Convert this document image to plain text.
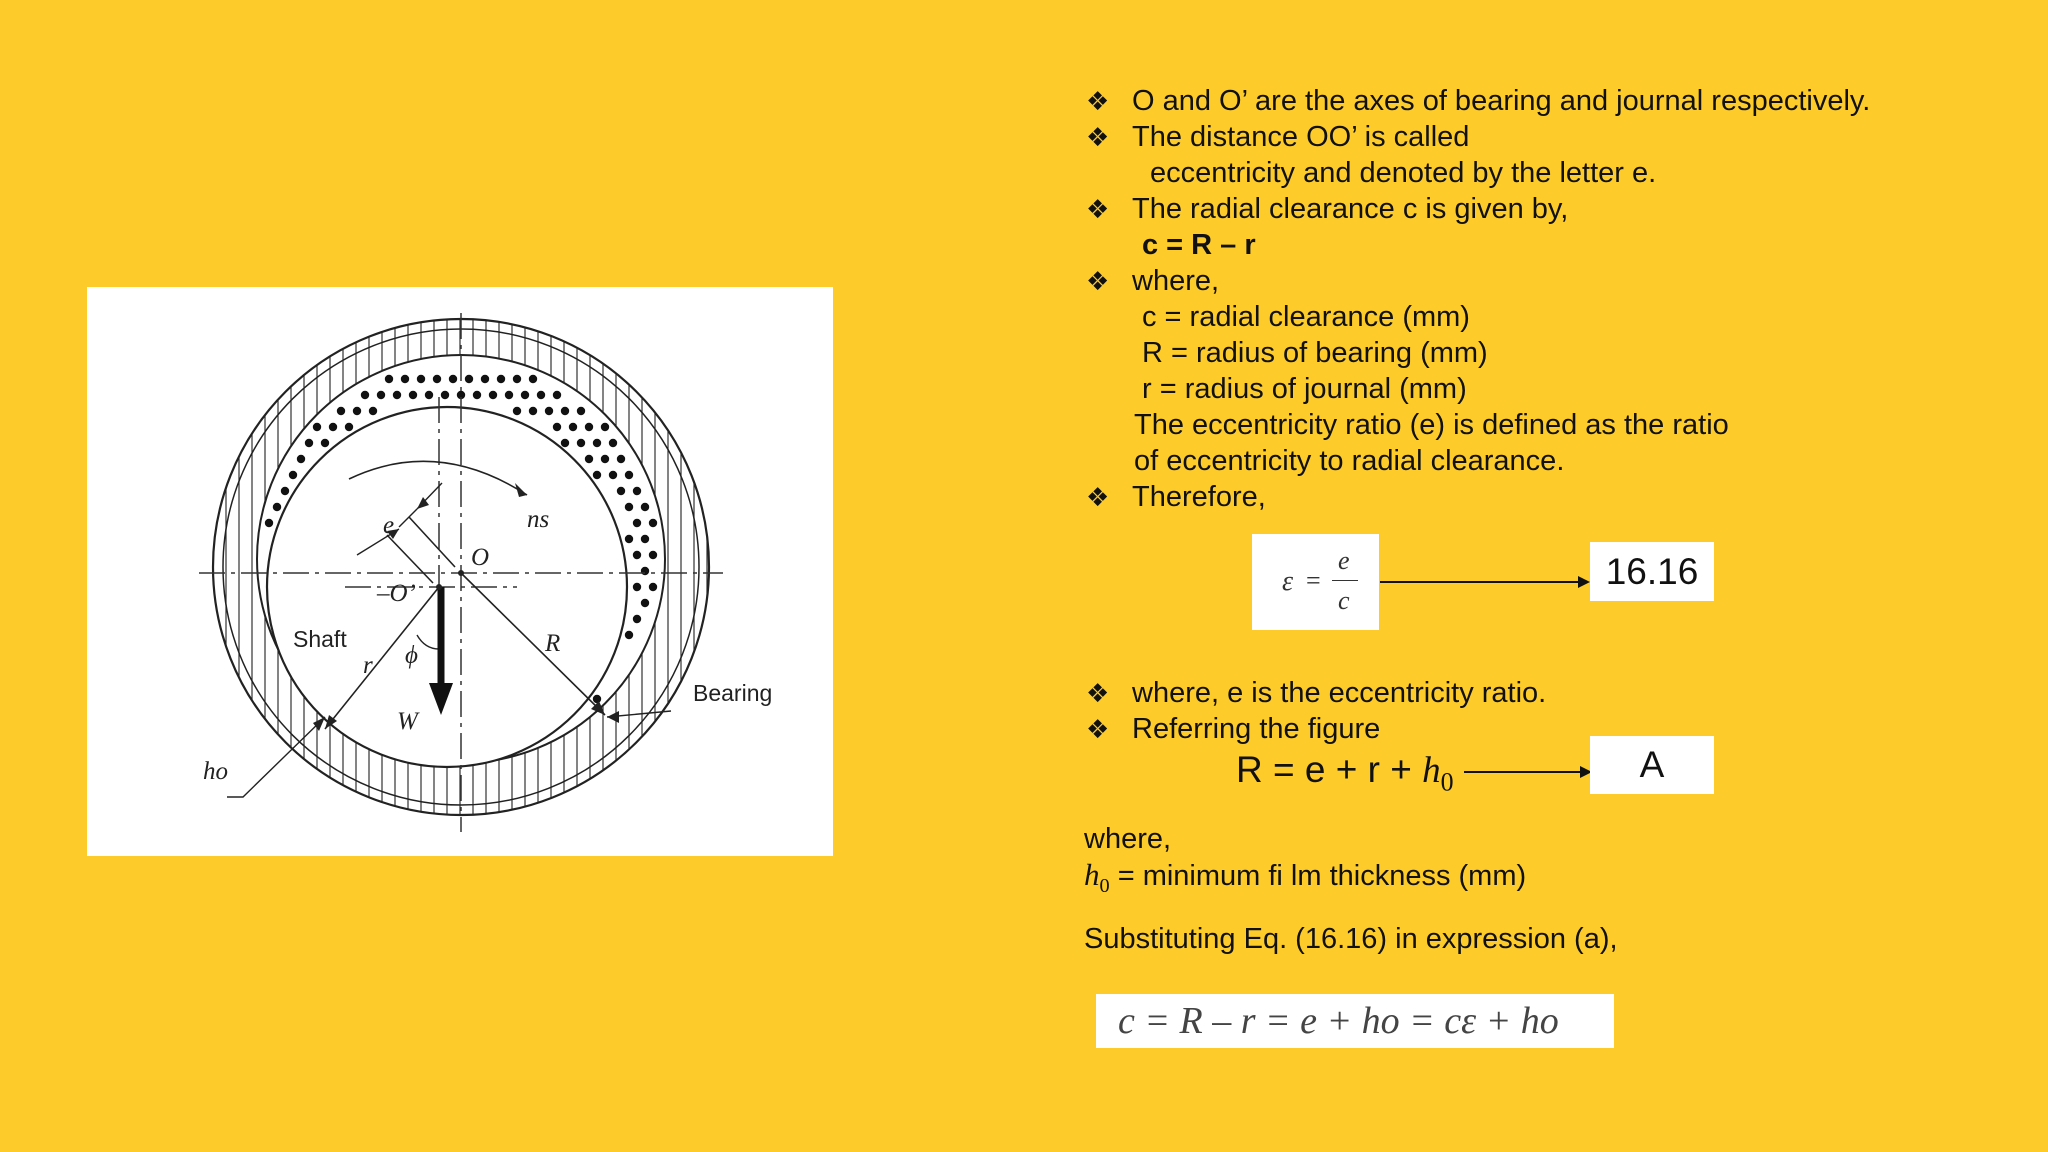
e	ns
O
–O’
Shaft
ϕ
r
R
W
Bearing
ho
❖ O and O’ are the axes of bearing and journal respectively.
❖ The distance OO’ is called
eccentricity and denoted by the letter e.
❖ The radial clearance c is given by,
c = R – r
❖ where,
c = radial clearance (mm)
R = radius of bearing (mm)
r = radius of journal (mm)
The eccentricity ratio (e) is defined as the ratio
of eccentricity to radial clearance.
❖ Therefore,
ε =
e
c
16.16
❖ where, e is the eccentricity ratio.
❖ Referring the figure
$R = e + r + h_0$	A
where,
$h_0$ = minimum fi lm thickness (mm)
Substituting Eq. (16.16) in expression (a),
c = R – r = e + ho = cε + ho
